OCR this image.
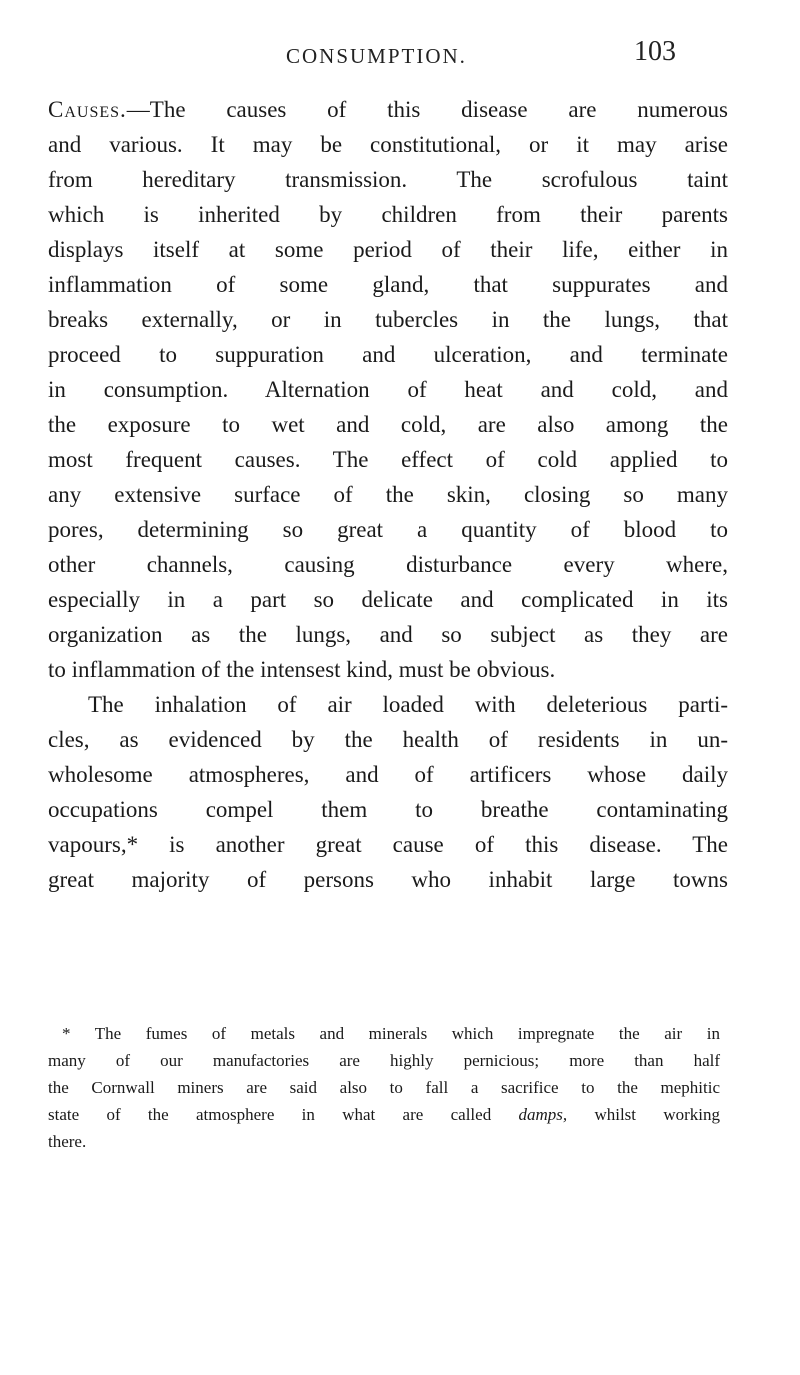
CONSUMPTION.	103
Causes.—The causes of this disease are numerous
and various. It may be constitutional, or it may arise
from hereditary transmission. The scrofulous taint
which is inherited by children from their parents
displays itself at some period of their life, either in
inflammation of some gland, that suppurates and
breaks externally, or in tubercles in the lungs, that
proceed to suppuration and ulceration, and terminate
in consumption. Alternation of heat and cold, and
the exposure to wet and cold, are also among the
most frequent causes. The effect of cold applied to
any extensive surface of the skin, closing so many
pores, determining so great a quantity of blood to
other channels, causing disturbance every where,
especially in a part so delicate and complicated in its
organization as the lungs, and so subject as they are
to inflammation of the intensest kind, must be obvious.
The inhalation of air loaded with deleterious parti-
cles, as evidenced by the health of residents in un-
wholesome atmospheres, and of artificers whose daily
occupations compel them to breathe contaminating
vapours,* is another great cause of this disease. The
great majority of persons who inhabit large towns
* The fumes of metals and minerals which impregnate the air in
many of our manufactories are highly pernicious; more than half
the Cornwall miners are said also to fall a sacrifice to the mephitic
state of the atmosphere in what are called damps, whilst working
there.
